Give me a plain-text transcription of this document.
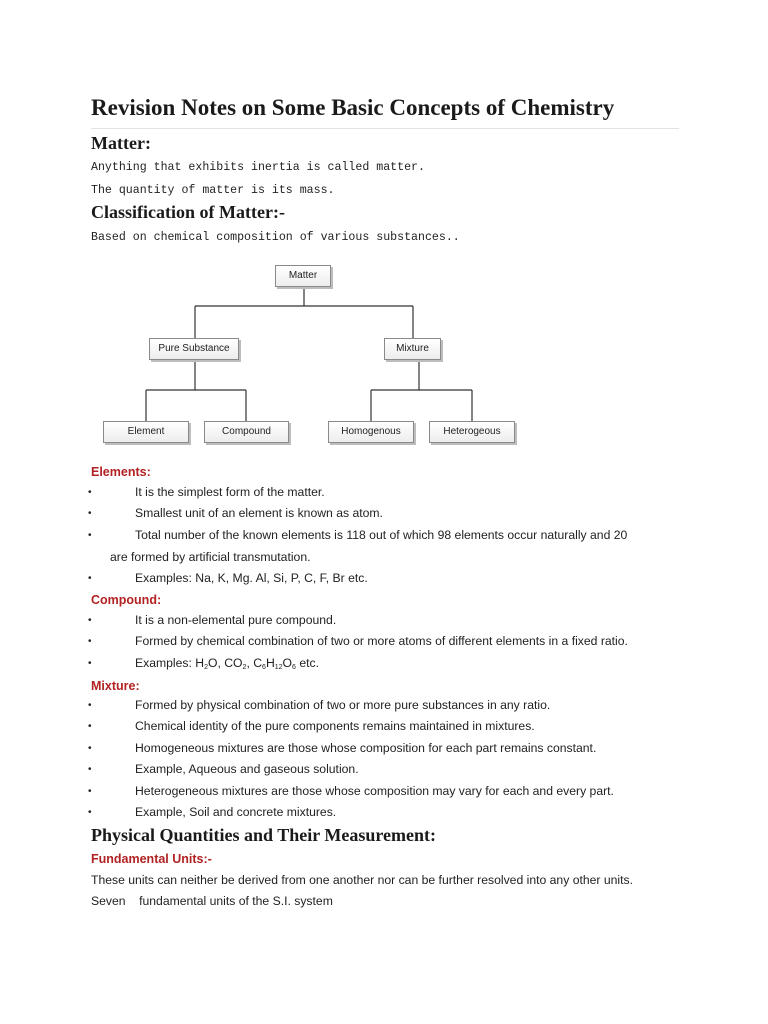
Revision Notes on Some Basic Concepts of Chemistry
Matter:

Anything that exhibits inertia is called matter.

The quantity of matter is its mass.

Classification of Matter:-

Based on chemical composition of various substances..

Matter
Pure Substance	Mixture
Element	Compound	Homogenous	Heterogeous

Elements:

•	It is the simplest form of the matter.
•	Smallest unit of an element is known as atom.
•	Total number of the known elements is 118 out of which 98 elements occur naturally and 20

are formed by artificial transmutation.

•	Examples: Na, K, Mg. Al, Si, P, C, F, Br etc.

Compound:

•	It is a non-elemental pure compound.
•	Formed by chemical combination of two or more atoms of different elements in a fixed ratio.
•	Examples: $H_2O$, $CO_2$, $C_6H_{12}O_6$ etc.

Mixture:

•	Formed by physical combination of two or more pure substances in any ratio.
•	Chemical identity of the pure components remains maintained in mixtures.
•	Homogeneous mixtures are those whose composition for each part remains constant.
•	Example, Aqueous and gaseous solution.
•	Heterogeneous mixtures are those whose composition may vary for each and every part.
•	Example, Soil and concrete mixtures.
Physical Quantities and Their Measurement:

Fundamental Units:-

These units can neither be derived from one another nor can be further resolved into any other units.

Seven    fundamental units of the S.I. system
